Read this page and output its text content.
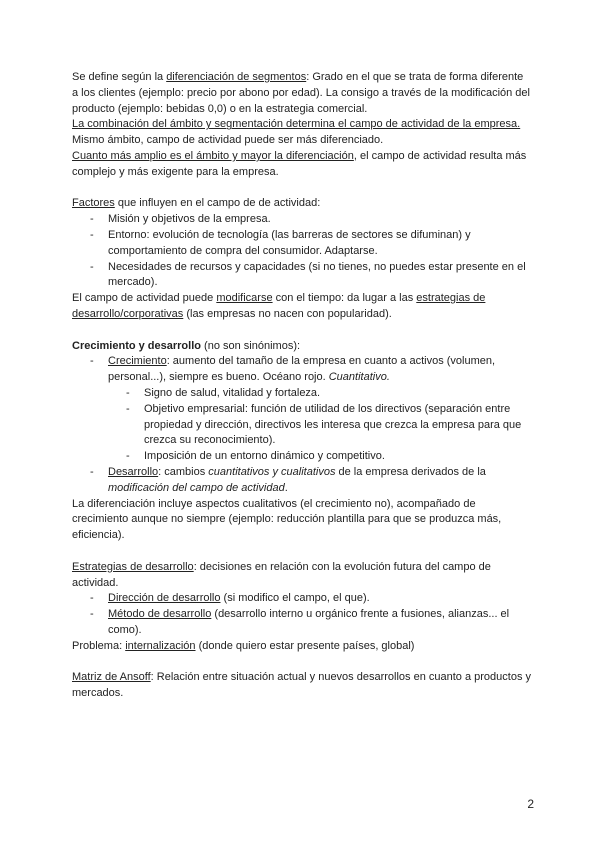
Se define según la diferenciación de segmentos: Grado en el que se trata de forma diferente a los clientes (ejemplo: precio por abono por edad). La consigo a través de la modificación del producto (ejemplo: bebidas 0,0) o en la estrategia comercial.

La combinación del ámbito y segmentación determina el campo de actividad de la empresa.

Mismo ámbito, campo de actividad puede ser más diferenciado.

Cuanto más amplio es el ámbito y mayor la diferenciación, el campo de actividad resulta más complejo y más exigente para la empresa.

Factores que influyen en el campo de de actividad:

- Misión y objetivos de la empresa.
- Entorno: evolución de tecnología (las barreras de sectores se difuminan) y comportamiento de compra del consumidor. Adaptarse.
- Necesidades de recursos y capacidades (si no tienes, no puedes estar presente en el mercado).

El campo de actividad puede modificarse con el tiempo: da lugar a las estrategias de desarrollo/corporativas (las empresas no nacen con popularidad).

Crecimiento y desarrollo (no son sinónimos):

- Crecimiento: aumento del tamaño de la empresa en cuanto a activos (volumen, personal...), siempre es bueno. Océano rojo. Cuantitativo.
- Signo de salud, vitalidad y fortaleza.
- Objetivo empresarial: función de utilidad de los directivos (separación entre propiedad y dirección, directivos les interesa que crezca la empresa para que crezca su reconocimiento).
- Imposición de un entorno dinámico y competitivo.
- Desarrollo: cambios cuantitativos y cualitativos de la empresa derivados de la modificación del campo de actividad.

La diferenciación incluye aspectos cualitativos (el crecimiento no), acompañado de crecimiento aunque no siempre (ejemplo: reducción plantilla para que se produzca más, eficiencia).

Estrategias de desarrollo: decisiones en relación con la evolución futura del campo de actividad.

- Dirección de desarrollo (si modifico el campo, el que).
- Método de desarrollo (desarrollo interno u orgánico frente a fusiones, alianzas... el como).

Problema: internalización (donde quiero estar presente países, global)

Matriz de Ansoff: Relación entre situación actual y nuevos desarrollos en cuanto a productos y mercados.

2
